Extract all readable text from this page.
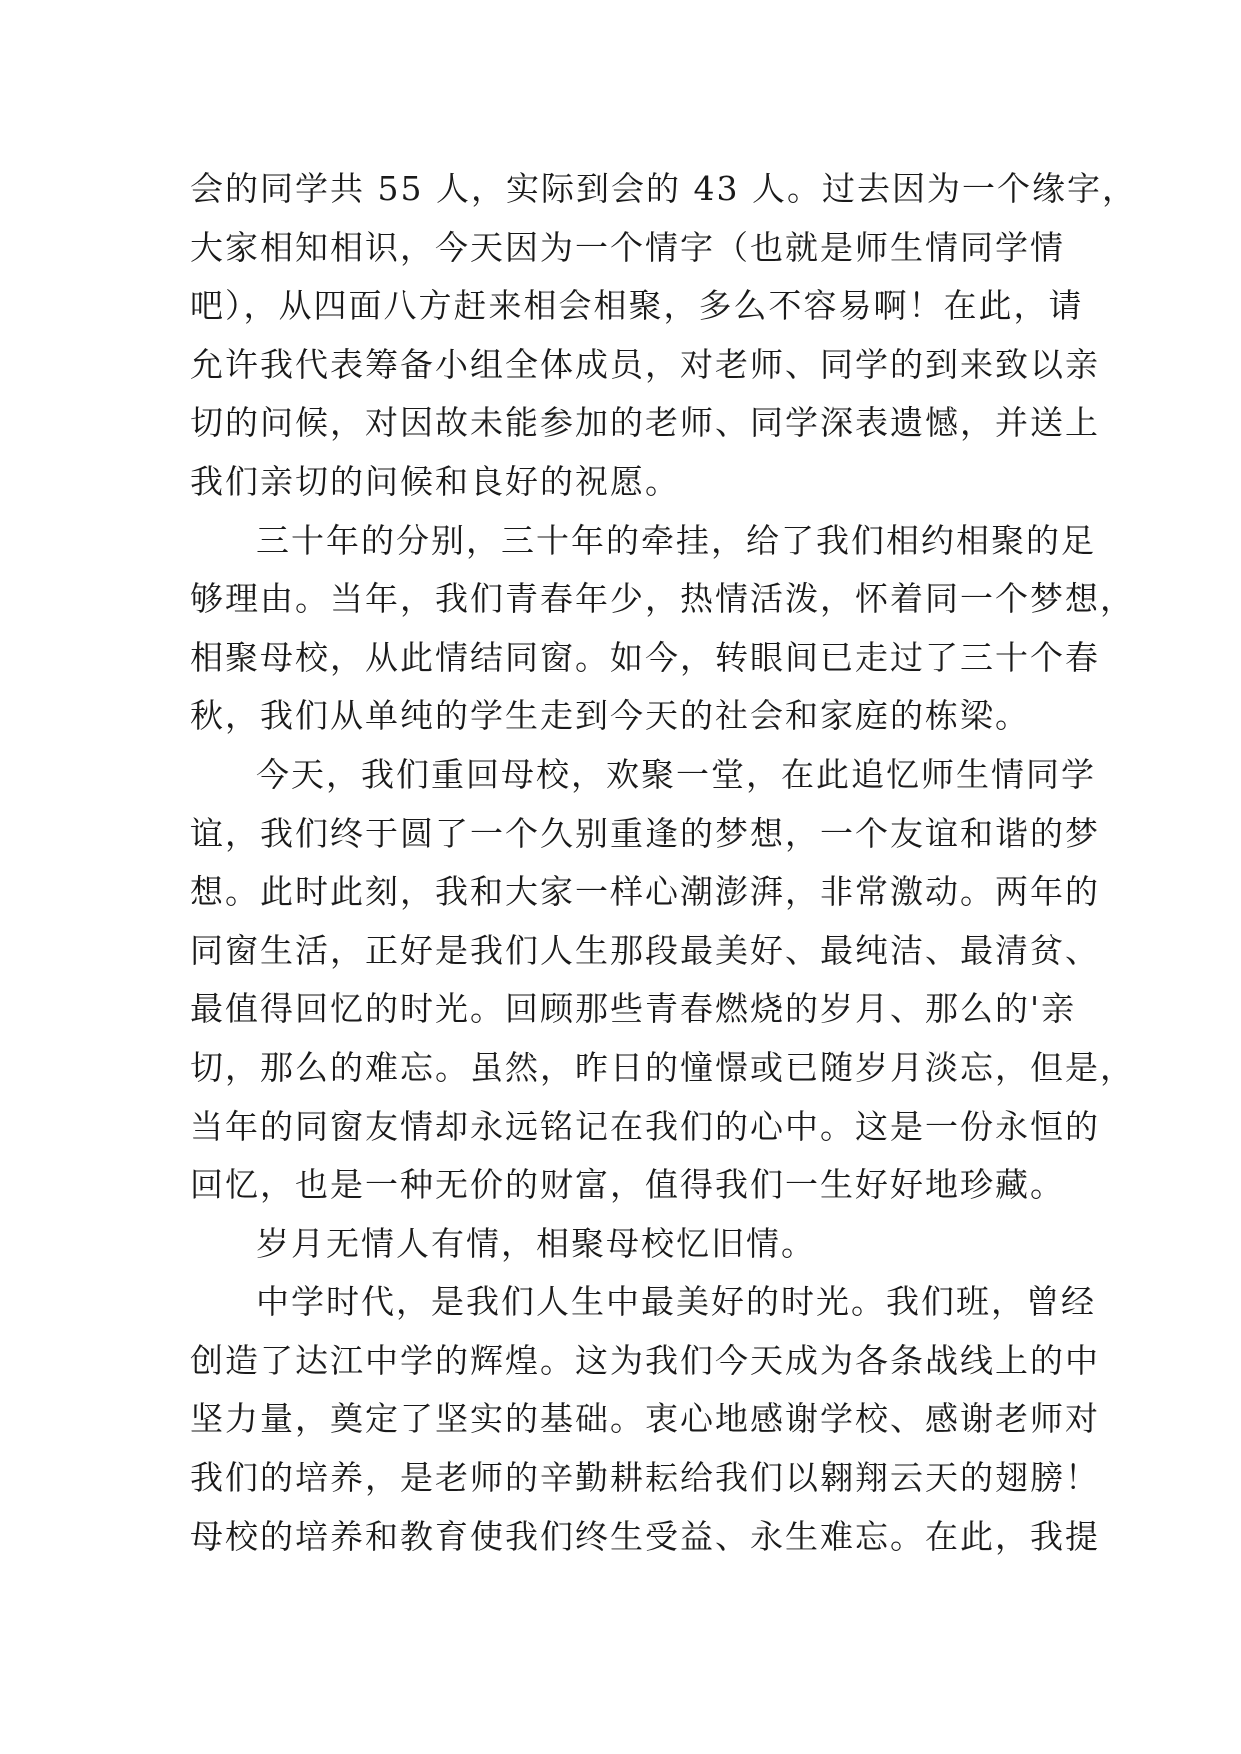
会的同学共 55 人，实际到会的 43 人。过去因为一个缘字，
大家相知相识，今天因为一个情字（也就是师生情同学情
吧），从四面八方赶来相会相聚，多么不容易啊！在此，请
允许我代表筹备小组全体成员，对老师、同学的到来致以亲
切的问候，对因故未能参加的老师、同学深表遗憾，并送上
我们亲切的问候和良好的祝愿。
三十年的分别，三十年的牵挂，给了我们相约相聚的足
够理由。当年，我们青春年少，热情活泼，怀着同一个梦想，
相聚母校，从此情结同窗。如今，转眼间已走过了三十个春
秋，我们从单纯的学生走到今天的社会和家庭的栋梁。
今天，我们重回母校，欢聚一堂，在此追忆师生情同学
谊，我们终于圆了一个久别重逢的梦想，一个友谊和谐的梦
想。此时此刻，我和大家一样心潮澎湃，非常激动。两年的
同窗生活，正好是我们人生那段最美好、最纯洁、最清贫、
最值得回忆的时光。回顾那些青春燃烧的岁月、那么的'亲
切，那么的难忘。虽然，昨日的憧憬或已随岁月淡忘，但是，
当年的同窗友情却永远铭记在我们的心中。这是一份永恒的
回忆，也是一种无价的财富，值得我们一生好好地珍藏。
岁月无情人有情，相聚母校忆旧情。
中学时代，是我们人生中最美好的时光。我们班，曾经
创造了达江中学的辉煌。这为我们今天成为各条战线上的中
坚力量，奠定了坚实的基础。衷心地感谢学校、感谢老师对
我们的培养，是老师的辛勤耕耘给我们以翱翔云天的翅膀！
母校的培养和教育使我们终生受益、永生难忘。在此，我提
